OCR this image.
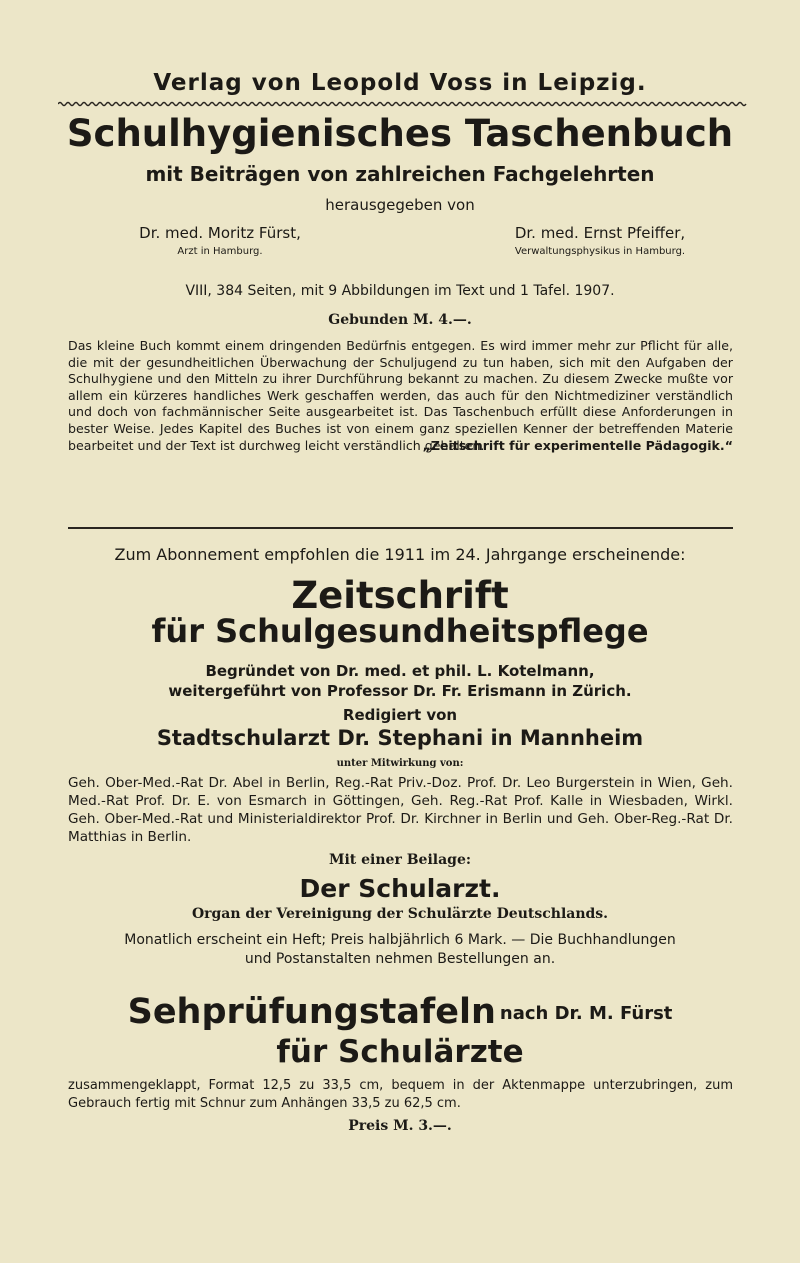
Verlag von Leopold Voss in Leipzig.
Schulhygienisches Taschenbuch
mit Beiträgen von zahlreichen Fachgelehrten
herausgegeben von
Dr. med. Moritz Fürst,
Arzt in Hamburg.
Dr. med. Ernst Pfeiffer,
Verwaltungsphysikus in Hamburg.
VIII, 384 Seiten, mit 9 Abbildungen im Text und 1 Tafel. 1907.
Gebunden M. 4.—.
Das kleine Buch kommt einem dringenden Bedürfnis entgegen. Es wird immer mehr zur Pflicht für alle, die mit der gesundheitlichen Überwachung der Schuljugend zu tun haben, sich mit den Aufgaben der Schulhygiene und den Mitteln zu ihrer Durchführung bekannt zu machen. Zu diesem Zwecke mußte vor allem ein kürzeres handliches Werk geschaffen werden, das auch für den Nichtmediziner verständlich und doch von fachmännischer Seite ausgearbeitet ist. Das Taschenbuch erfüllt diese Anforderungen in bester Weise. Jedes Kapitel des Buches ist von einem ganz speziellen Kenner der betreffenden Materie bearbeitet und der Text ist durchweg leicht verständlich gehalten.
„Zeitschrift für experimentelle Pädagogik.“
Zum Abonnement empfohlen die 1911 im 24. Jahrgange erscheinende:
Zeitschrift
für Schulgesundheitspflege
Begründet von Dr. med. et phil. L. Kotelmann,
weitergeführt von Professor Dr. Fr. Erismann in Zürich.
Redigiert von
Stadtschularzt Dr. Stephani in Mannheim
unter Mitwirkung von:
Geh. Ober-Med.-Rat Dr. Abel in Berlin, Reg.-Rat Priv.-Doz. Prof. Dr. Leo Burgerstein in Wien, Geh. Med.-Rat Prof. Dr. E. von Esmarch in Göttingen, Geh. Reg.-Rat Prof. Kalle in Wiesbaden, Wirkl. Geh. Ober-Med.-Rat und Ministerialdirektor Prof. Dr. Kirchner in Berlin und Geh. Ober-Reg.-Rat Dr. Matthias in Berlin.
Mit einer Beilage:
Der Schularzt.
Organ der Vereinigung der Schulärzte Deutschlands.
Monatlich erscheint ein Heft; Preis halbjährlich 6 Mark. — Die Buchhandlungen
und Postanstalten nehmen Bestellungen an.
Sehprüfungstafeln nach Dr. M. Fürst
für Schulärzte
zusammengeklappt, Format 12,5 zu 33,5 cm, bequem in der Aktenmappe unterzubringen, zum Gebrauch fertig mit Schnur zum Anhängen 33,5 zu 62,5 cm.
Preis M. 3.—.
